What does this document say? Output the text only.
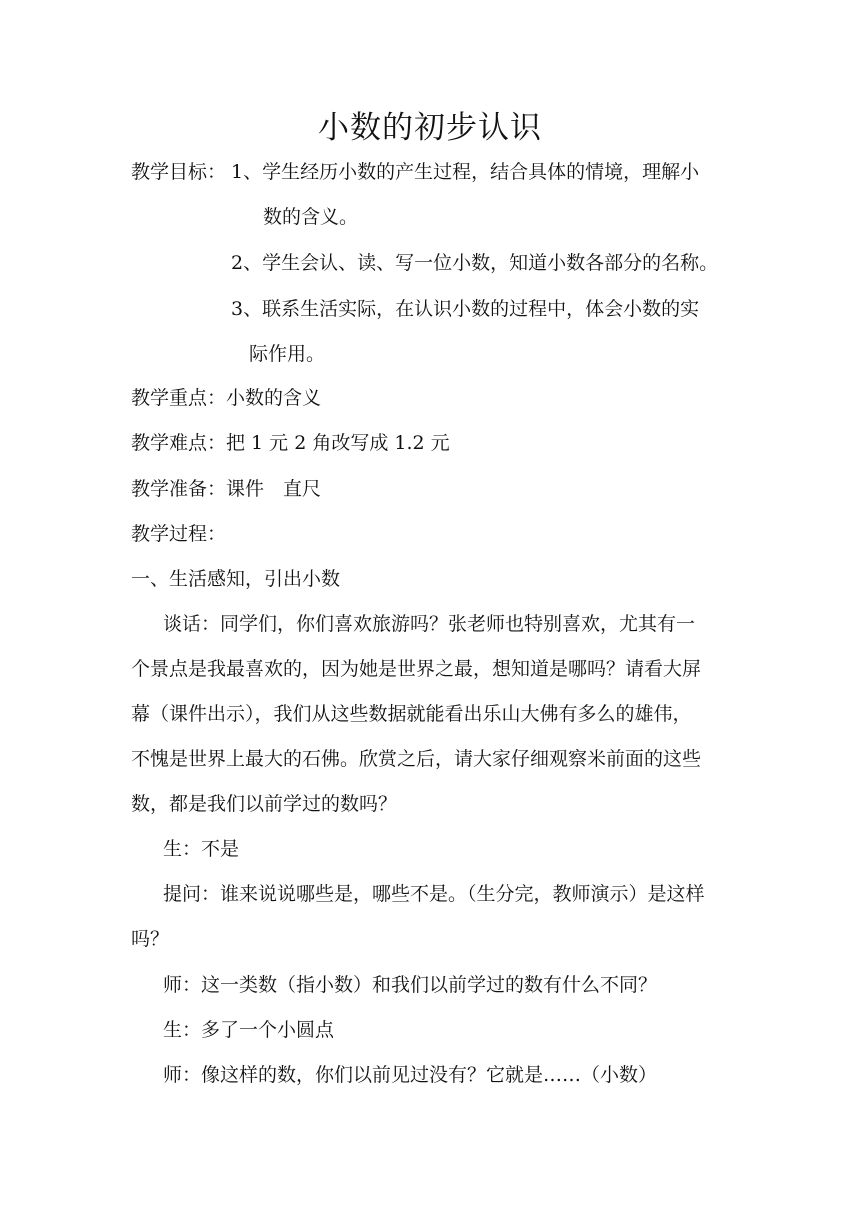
小数的初步认识
教学目标： 1、学生经历小数的产生过程，结合具体的情境，理解小
数的含义。
2、学生会认、读、写一位小数，知道小数各部分的名称。
3、联系生活实际，在认识小数的过程中，体会小数的实
际作用。
教学重点：小数的含义
教学难点：把 1 元 2 角改写成 1.2 元
教学准备：课件　直尺
教学过程：
一、生活感知，引出小数
谈话：同学们，你们喜欢旅游吗？张老师也特别喜欢，尤其有一
个景点是我最喜欢的，因为她是世界之最，想知道是哪吗？请看大屏
幕（课件出示），我们从这些数据就能看出乐山大佛有多么的雄伟，
不愧是世界上最大的石佛。欣赏之后，请大家仔细观察米前面的这些
数，都是我们以前学过的数吗？
生：不是
提问：谁来说说哪些是，哪些不是。（生分完，教师演示）是这样
吗？
师：这一类数（指小数）和我们以前学过的数有什么不同？
生：多了一个小圆点
师：像这样的数，你们以前见过没有？它就是……（小数）
